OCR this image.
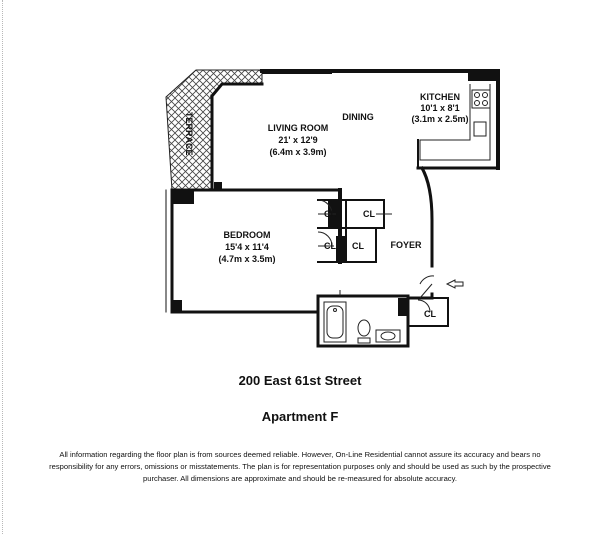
TERRACE	LIVING ROOM
21' x 12'9
(6.4m x 3.9m)
DINING
KITCHEN
10'1 x 8'1
(3.1m x 2.5m)
BEDROOM
15'4 x 11'4
(4.7m x 3.5m)
FOYER
CL	CL
CL CL
CL
200 East 61st Street
Apartment F
All information regarding the floor plan is from sources deemed reliable. However, On-Line Residential cannot assure its accuracy and bears no responsibility for any errors, omissions or misstatements. The plan is for representation purposes only and should be used as such by the prospective purchaser. All dimensions are approximate and should be re-measured for absolute accuracy.
